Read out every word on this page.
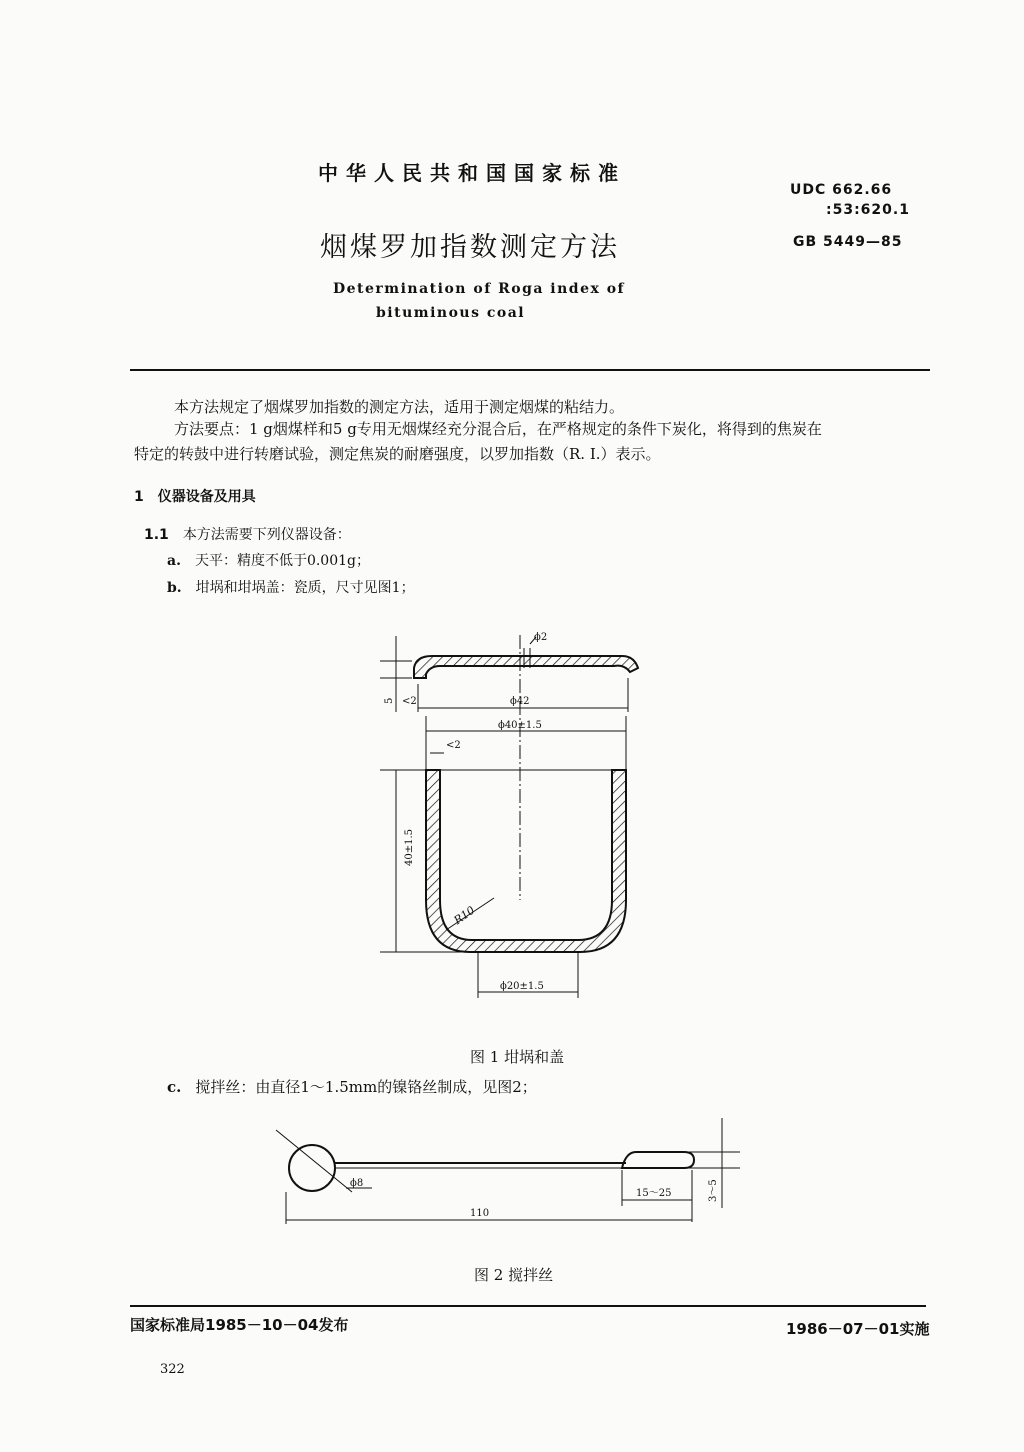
中华人民共和国国家标准
UDC 662.66
:53:620.1
烟煤罗加指数测定方法	GB 5449—85
Determination of Roga index of
bituminous coal
本方法规定了烟煤罗加指数的测定方法，适用于测定烟煤的粘结力。
方法要点：1 g烟煤样和5 g专用无烟煤经充分混合后，在严格规定的条件下炭化，将得到的焦炭在
特定的转鼓中进行转磨试验，测定焦炭的耐磨强度，以罗加指数（R. I.）表示。
1 仪器设备及用具
1.1 本方法需要下列仪器设备：
a. 天平：精度不低于0.001g；
b. 坩埚和坩埚盖：瓷质，尺寸见图1；
ϕ2
5 <2	ϕ42
ϕ40±1.5
<2
40±1.5
R10
ϕ20±1.5
图 1 坩埚和盖
c. 搅拌丝：由直径1～1.5mm的镍铬丝制成，见图2；
ϕ8	3～5
15～25
110
图 2 搅拌丝
国家标准局1985－10－04发布	1986－07－01实施
322
